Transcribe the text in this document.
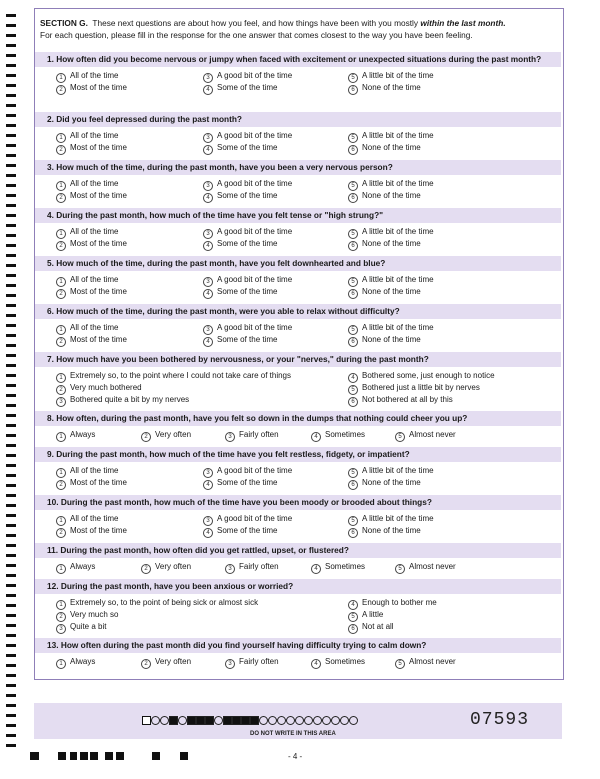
SECTION G. These next questions are about how you feel, and how things have been with you mostly within the last month.
For each question, please fill in the response for the one answer that comes closest to the way you have been feeling.
1. How often did you become nervous or jumpy when faced with excitement or unexpected situations during the past month?
1 All of the time
2 Most of the time
3 A good bit of the time
4 Some of the time
5 A little bit of the time
6 None of the time
2. Did you feel depressed during the past month?
1 All of the time
2 Most of the time
3 A good bit of the time
4 Some of the time
5 A little bit of the time
6 None of the time
3. How much of the time, during the past month, have you been a very nervous person?
1 All of the time
2 Most of the time
3 A good bit of the time
4 Some of the time
5 A little bit of the time
6 None of the time
4. During the past month, how much of the time have you felt tense or "high strung?"
1 All of the time
2 Most of the time
3 A good bit of the time
4 Some of the time
5 A little bit of the time
6 None of the time
5. How much of the time, during the past month, have you felt downhearted and blue?
1 All of the time
2 Most of the time
3 A good bit of the time
4 Some of the time
5 A little bit of the time
6 None of the time
6. How much of the time, during the past month, were you able to relax without difficulty?
1 All of the time
2 Most of the time
3 A good bit of the time
4 Some of the time
5 A little bit of the time
6 None of the time
7. How much have you been bothered by nervousness, or your "nerves," during the past month?
1 Extremely so, to the point where I could not take care of things
2 Very much bothered
3 Bothered quite a bit by my nerves
4 Bothered some, just enough to notice
5 Bothered just a little bit by nerves
6 Not bothered at all by this
8. How often, during the past month, have you felt so down in the dumps that nothing could cheer you up?
1 Always	2 Very often	3 Fairly often	4 Sometimes	5 Almost never
9. During the past month, how much of the time have you felt restless, fidgety, or impatient?
1 All of the time
2 Most of the time
3 A good bit of the time
4 Some of the time
5 A little bit of the time
6 None of the time
10. During the past month, how much of the time have you been moody or brooded about things?
1 All of the time
2 Most of the time
3 A good bit of the time
4 Some of the time
5 A little bit of the time
6 None of the time
11. During the past month, how often did you get rattled, upset, or flustered?
1 Always	2 Very often	3 Fairly often	4 Sometimes	5 Almost never
12. During the past month, have you been anxious or worried?
1 Extremely so, to the point of being sick or almost sick
2 Very much so
3 Quite a bit
4 Enough to bother me
5 A little
6 Not at all
13. How often during the past month did you find yourself having difficulty trying to calm down?
1 Always	2 Very often	3 Fairly often	4 Sometimes	5 Almost never
07593
DO NOT WRITE IN THIS AREA
- 4 -
